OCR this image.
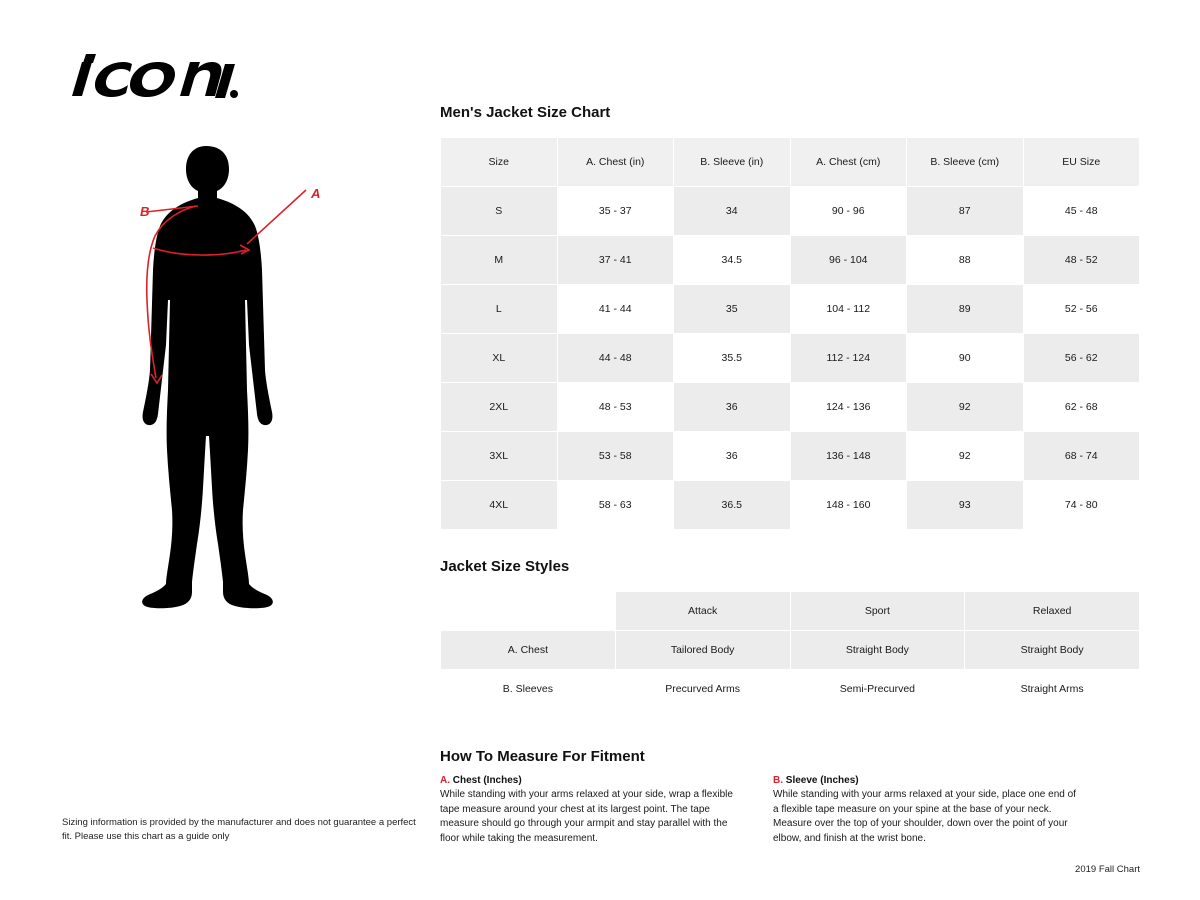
A
B
Men's Jacket Size Chart
Size	A. Chest (in)	B. Sleeve (in)	A. Chest (cm)	B. Sleeve (cm)	EU Size
S	35 - 37	34	90 - 96	87	45 - 48
M	37 - 41	34.5	96 - 104	88	48 - 52
L	41 - 44	35	104 - 112	89	52 - 56
XL	44 - 48	35.5	112 - 124	90	56 - 62
2XL	48 - 53	36	124 - 136	92	62 - 68
3XL	53 - 58	36	136 - 148	92	68 - 74
4XL	58 - 63	36.5	148 - 160	93	74 - 80
Jacket Size Styles
	Attack	Sport	Relaxed
A. Chest	Tailored Body	Straight Body	Straight Body
B. Sleeves	Precurved Arms	Semi-Precurved	Straight Arms
How To Measure For Fitment
A. Chest (Inches)

While standing with your arms relaxed at your side, wrap a flexible tape measure around your chest at its largest point. The tape measure should go through your armpit and stay parallel with the floor while taking the measurement.

B. Sleeve (Inches)

While standing with your arms relaxed at your side, place one end of a flexible tape measure on your spine at the base of your neck. Measure over the top of your shoulder, down over the point of your elbow, and finish at the wrist bone.

Sizing information is provided by the manufacturer and does not guarantee a perfect fit. Please use this chart as a guide only
2019 Fall Chart
